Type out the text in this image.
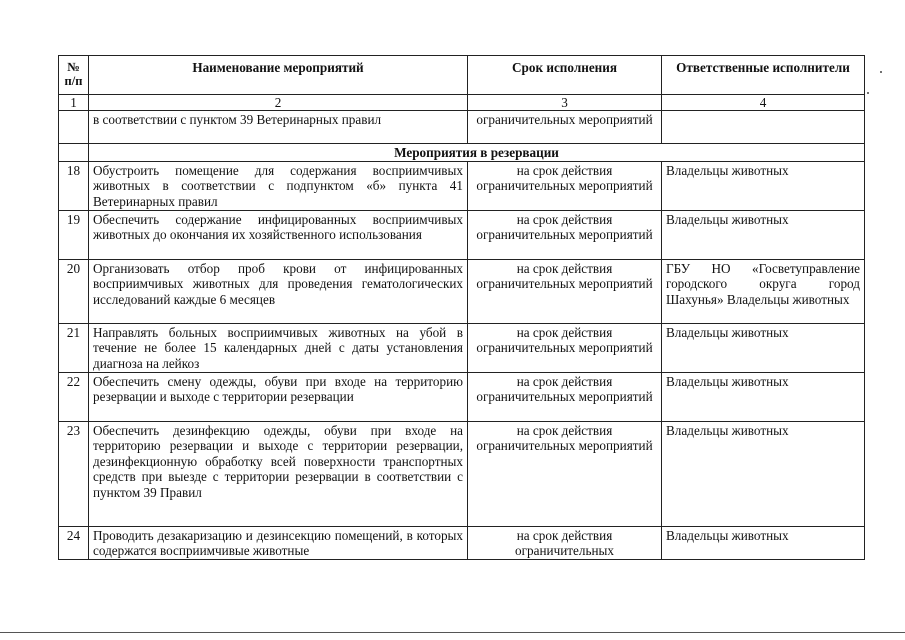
№ п/п	Наименование мероприятий	Срок исполнения	Ответственные исполнители
1	2	3	4
	в соответствии с пунктом 39 Ветеринарных правил	ограничительных мероприятий	
	Мероприятия в резервации		
18	Обустроить помещение для содержания восприимчивых животных в соответствии с подпунктом «б» пункта 41 Ветеринарных правил	на срок действия ограничительных мероприятий	Владельцы животных
19	Обеспечить содержание инфицированных восприимчивых животных до окончания их хозяйственного использования	на срок действия ограничительных мероприятий	Владельцы животных
20	Организовать отбор проб крови от инфицированных восприимчивых животных для проведения гематологических исследований каждые 6 месяцев	на срок действия ограничительных мероприятий	ГБУ НО «Госветуправление городского округа город Шахунья» Владельцы животных
21	Направлять больных восприимчивых животных на убой в течение не более 15 календарных дней с даты установления диагноза на лейкоз	на срок действия ограничительных мероприятий	Владельцы животных
22	Обеспечить смену одежды, обуви при входе на территорию резервации и выходе с территории резервации	на срок действия ограничительных мероприятий	Владельцы животных
23	Обеспечить дезинфекцию одежды, обуви при входе на территорию резервации и выходе с территории резервации, дезинфекционную обработку всей поверхности транспортных средств при выезде с территории резервации в соответствии с пунктом 39 Правил	на срок действия ограничительных мероприятий	Владельцы животных
24	Проводить дезакаризацию и дезинсекцию помещений, в которых содержатся восприимчивые животные	на срок действия ограничительных	Владельцы животных
